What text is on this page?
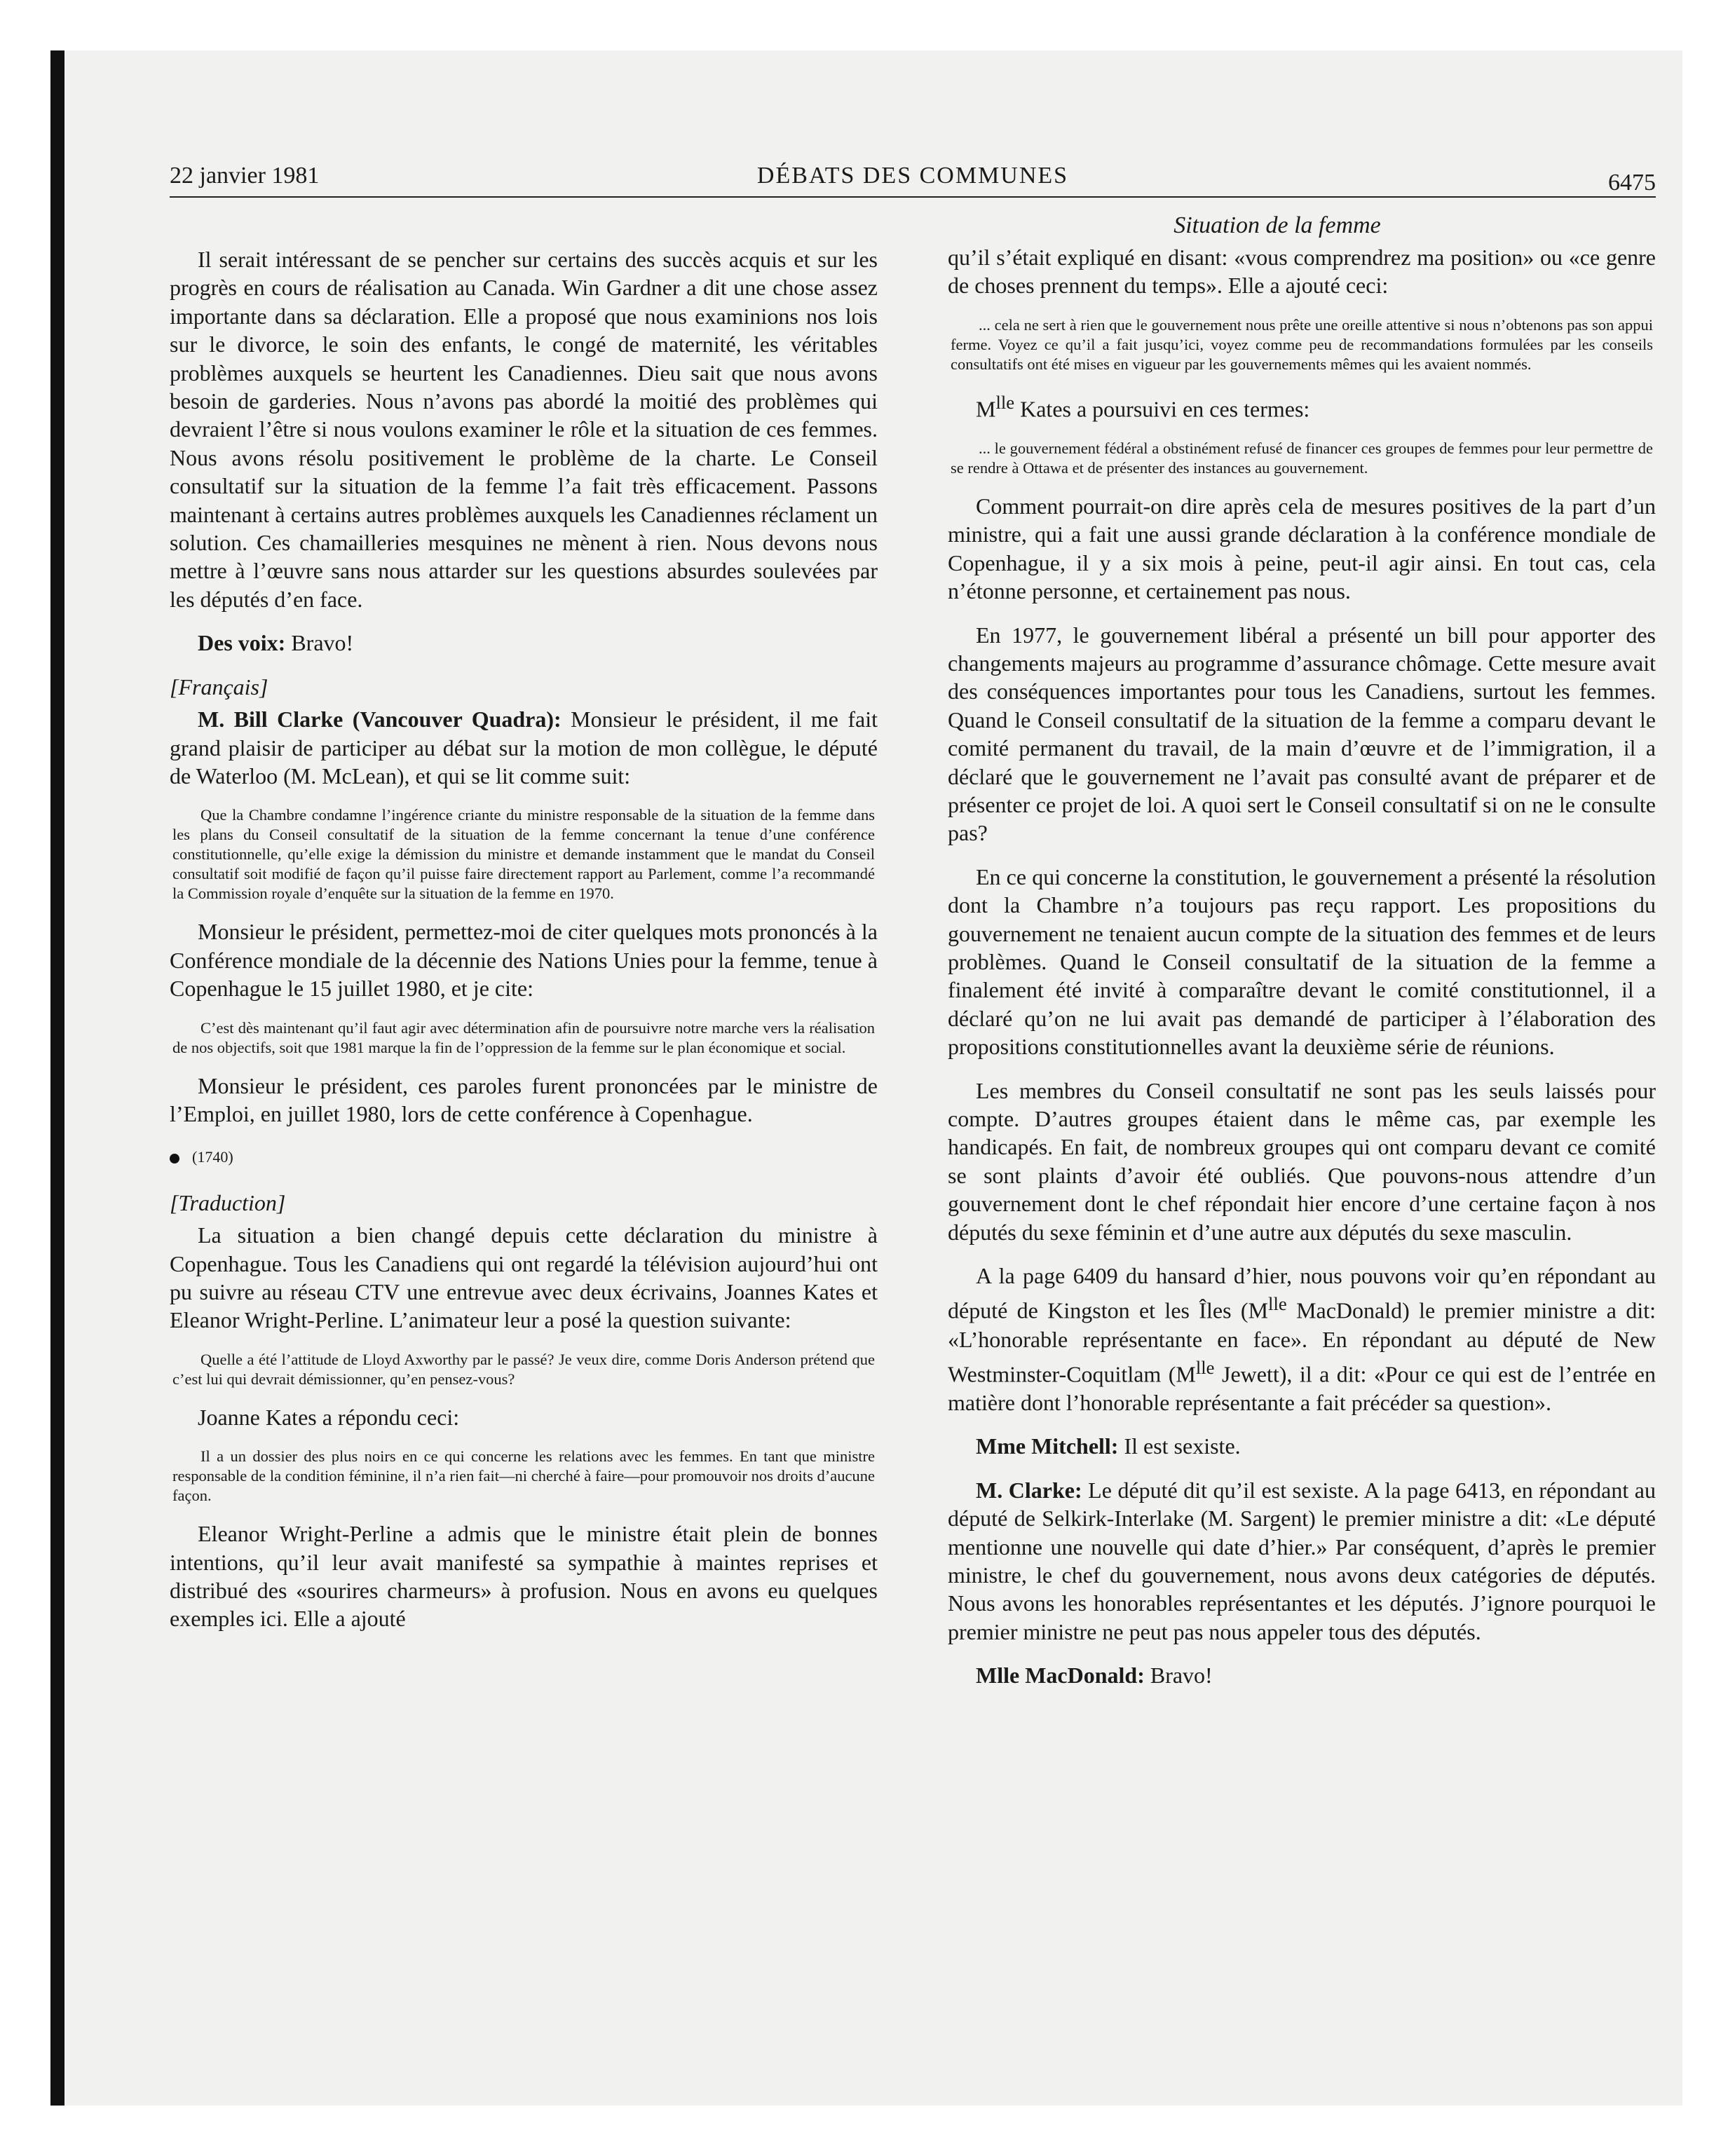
22 janvier 1981	DÉBATS DES COMMUNES	6475
Situation de la femme

Il serait intéressant de se pencher sur certains des succès acquis et sur les progrès en cours de réalisation au Canada. Win Gardner a dit une chose assez importante dans sa déclaration. Elle a proposé que nous examinions nos lois sur le divorce, le soin des enfants, le congé de maternité, les véritables problèmes auxquels se heurtent les Canadiennes. Dieu sait que nous avons besoin de garderies. Nous n’avons pas abordé la moitié des problèmes qui devraient l’être si nous voulons examiner le rôle et la situation de ces femmes. Nous avons résolu positivement le problème de la charte. Le Conseil consultatif sur la situation de la femme l’a fait très efficacement. Passons maintenant à certains autres problèmes auxquels les Canadiennes réclament un solution. Ces chamailleries mesquines ne mènent à rien. Nous devons nous mettre à l’œuvre sans nous attarder sur les questions absurdes soulevées par les députés d’en face.

Des voix: Bravo!

[Français]

M. Bill Clarke (Vancouver Quadra): Monsieur le président, il me fait grand plaisir de participer au débat sur la motion de mon collègue, le député de Waterloo (M. McLean), et qui se lit comme suit:

Que la Chambre condamne l’ingérence criante du ministre responsable de la situation de la femme dans les plans du Conseil consultatif de la situation de la femme concernant la tenue d’une conférence constitutionnelle, qu’elle exige la démission du ministre et demande instamment que le mandat du Conseil consultatif soit modifié de façon qu’il puisse faire directement rapport au Parlement, comme l’a recommandé la Commission royale d’enquête sur la situation de la femme en 1970.

Monsieur le président, permettez-moi de citer quelques mots prononcés à la Conférence mondiale de la décennie des Nations Unies pour la femme, tenue à Copenhague le 15 juillet 1980, et je cite:

C’est dès maintenant qu’il faut agir avec détermination afin de poursuivre notre marche vers la réalisation de nos objectifs, soit que 1981 marque la fin de l’oppression de la femme sur le plan économique et social.

Monsieur le président, ces paroles furent prononcées par le ministre de l’Emploi, en juillet 1980, lors de cette conférence à Copenhague.

(1740)

[Traduction]

La situation a bien changé depuis cette déclaration du ministre à Copenhague. Tous les Canadiens qui ont regardé la télévision aujourd’hui ont pu suivre au réseau CTV une entrevue avec deux écrivains, Joannes Kates et Eleanor Wright-Perline. L’animateur leur a posé la question suivante:

Quelle a été l’attitude de Lloyd Axworthy par le passé? Je veux dire, comme Doris Anderson prétend que c’est lui qui devrait démissionner, qu’en pensez-vous?

Joanne Kates a répondu ceci:

Il a un dossier des plus noirs en ce qui concerne les relations avec les femmes. En tant que ministre responsable de la condition féminine, il n’a rien fait—ni cherché à faire—pour promouvoir nos droits d’aucune façon.

Eleanor Wright-Perline a admis que le ministre était plein de bonnes intentions, qu’il leur avait manifesté sa sympathie à maintes reprises et distribué des «sourires charmeurs» à profusion. Nous en avons eu quelques exemples ici. Elle a ajouté

qu’il s’était expliqué en disant: «vous comprendrez ma position» ou «ce genre de choses prennent du temps». Elle a ajouté ceci:

... cela ne sert à rien que le gouvernement nous prête une oreille attentive si nous n’obtenons pas son appui ferme. Voyez ce qu’il a fait jusqu’ici, voyez comme peu de recommandations formulées par les conseils consultatifs ont été mises en vigueur par les gouvernements mêmes qui les avaient nommés.

$M^{lle}$ Kates a poursuivi en ces termes:

... le gouvernement fédéral a obstinément refusé de financer ces groupes de femmes pour leur permettre de se rendre à Ottawa et de présenter des instances au gouvernement.

Comment pourrait-on dire après cela de mesures positives de la part d’un ministre, qui a fait une aussi grande déclaration à la conférence mondiale de Copenhague, il y a six mois à peine, peut-il agir ainsi. En tout cas, cela n’étonne personne, et certainement pas nous.

En 1977, le gouvernement libéral a présenté un bill pour apporter des changements majeurs au programme d’assurance chômage. Cette mesure avait des conséquences importantes pour tous les Canadiens, surtout les femmes. Quand le Conseil consultatif de la situation de la femme a comparu devant le comité permanent du travail, de la main d’œuvre et de l’immigration, il a déclaré que le gouvernement ne l’avait pas consulté avant de préparer et de présenter ce projet de loi. A quoi sert le Conseil consultatif si on ne le consulte pas?

En ce qui concerne la constitution, le gouvernement a présenté la résolution dont la Chambre n’a toujours pas reçu rapport. Les propositions du gouvernement ne tenaient aucun compte de la situation des femmes et de leurs problèmes. Quand le Conseil consultatif de la situation de la femme a finalement été invité à comparaître devant le comité constitutionnel, il a déclaré qu’on ne lui avait pas demandé de participer à l’élaboration des propositions constitutionnelles avant la deuxième série de réunions.

Les membres du Conseil consultatif ne sont pas les seuls laissés pour compte. D’autres groupes étaient dans le même cas, par exemple les handicapés. En fait, de nombreux groupes qui ont comparu devant ce comité se sont plaints d’avoir été oubliés. Que pouvons-nous attendre d’un gouvernement dont le chef répondait hier encore d’une certaine façon à nos députés du sexe féminin et d’une autre aux députés du sexe masculin.

A la page 6409 du hansard d’hier, nous pouvons voir qu’en répondant au député de Kingston et les Îles ($M^{lle}$ MacDonald) le premier ministre a dit: «L’honorable représentante en face». En répondant au député de New Westminster-Coquitlam ($M^{lle}$ Jewett), il a dit: «Pour ce qui est de l’entrée en matière dont l’honorable représentante a fait précéder sa question».

Mme Mitchell: Il est sexiste.

M. Clarke: Le député dit qu’il est sexiste. A la page 6413, en répondant au député de Selkirk-Interlake (M. Sargent) le premier ministre a dit: «Le député mentionne une nouvelle qui date d’hier.» Par conséquent, d’après le premier ministre, le chef du gouvernement, nous avons deux catégories de députés. Nous avons les honorables représentantes et les députés. J’ignore pourquoi le premier ministre ne peut pas nous appeler tous des députés.

Mlle MacDonald: Bravo!
